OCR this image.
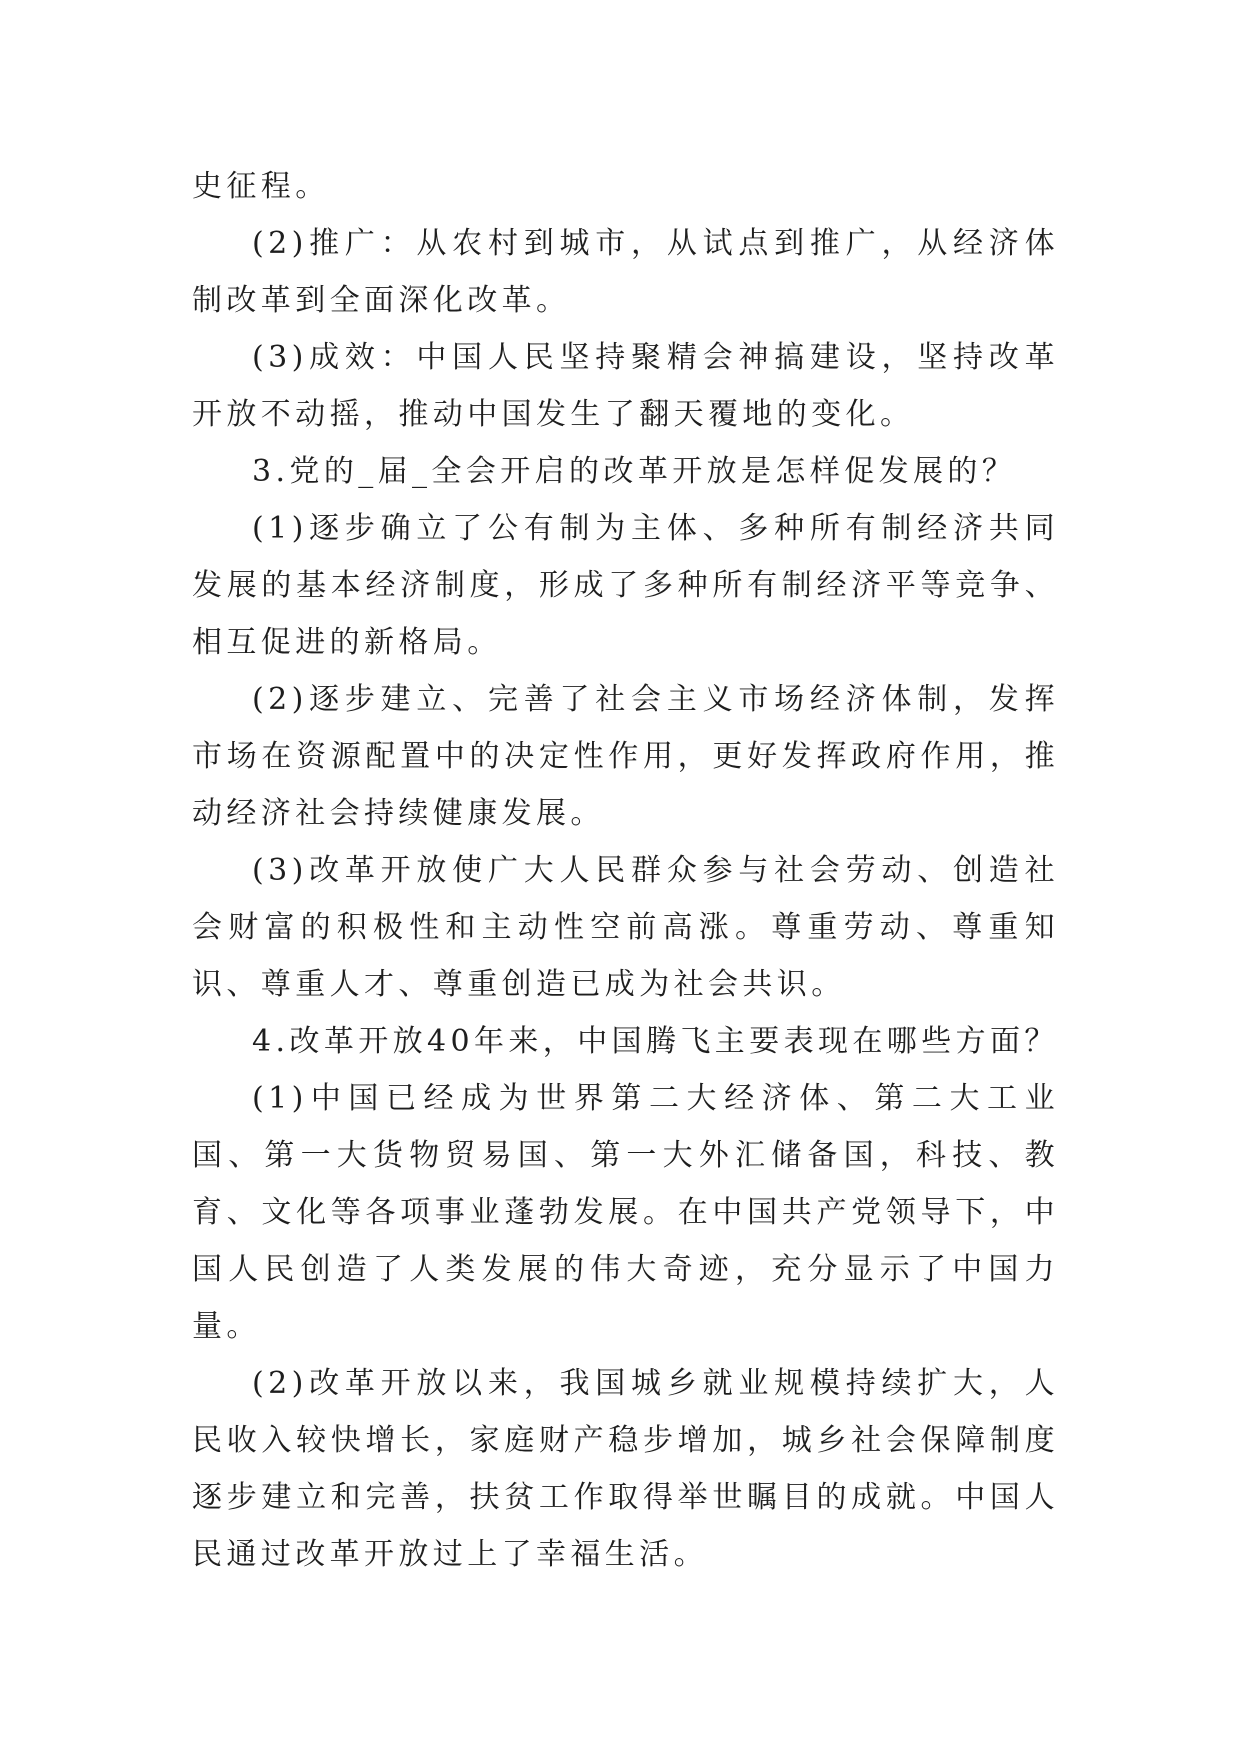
史征程。

(2)推广：从农村到城市，从试点到推广，从经济体制改革到全面深化改革。

(3)成效：中国人民坚持聚精会神搞建设，坚持改革开放不动摇，推动中国发生了翻天覆地的变化。

3.党的_届_全会开启的改革开放是怎样促发展的？

(1)逐步确立了公有制为主体、多种所有制经济共同发展的基本经济制度，形成了多种所有制经济平等竞争、相互促进的新格局。

(2)逐步建立、完善了社会主义市场经济体制，发挥市场在资源配置中的决定性作用，更好发挥政府作用，推动经济社会持续健康发展。

(3)改革开放使广大人民群众参与社会劳动、创造社会财富的积极性和主动性空前高涨。尊重劳动、尊重知识、尊重人才、尊重创造已成为社会共识。

4.改革开放40年来，中国腾飞主要表现在哪些方面？

(1)中国已经成为世界第二大经济体、第二大工业国、第一大货物贸易国、第一大外汇储备国，科技、教育、文化等各项事业蓬勃发展。在中国共产党领导下，中国人民创造了人类发展的伟大奇迹，充分显示了中国力量。

(2)改革开放以来，我国城乡就业规模持续扩大，人民收入较快增长，家庭财产稳步增加，城乡社会保障制度逐步建立和完善，扶贫工作取得举世瞩目的成就。中国人民通过改革开放过上了幸福生活。
